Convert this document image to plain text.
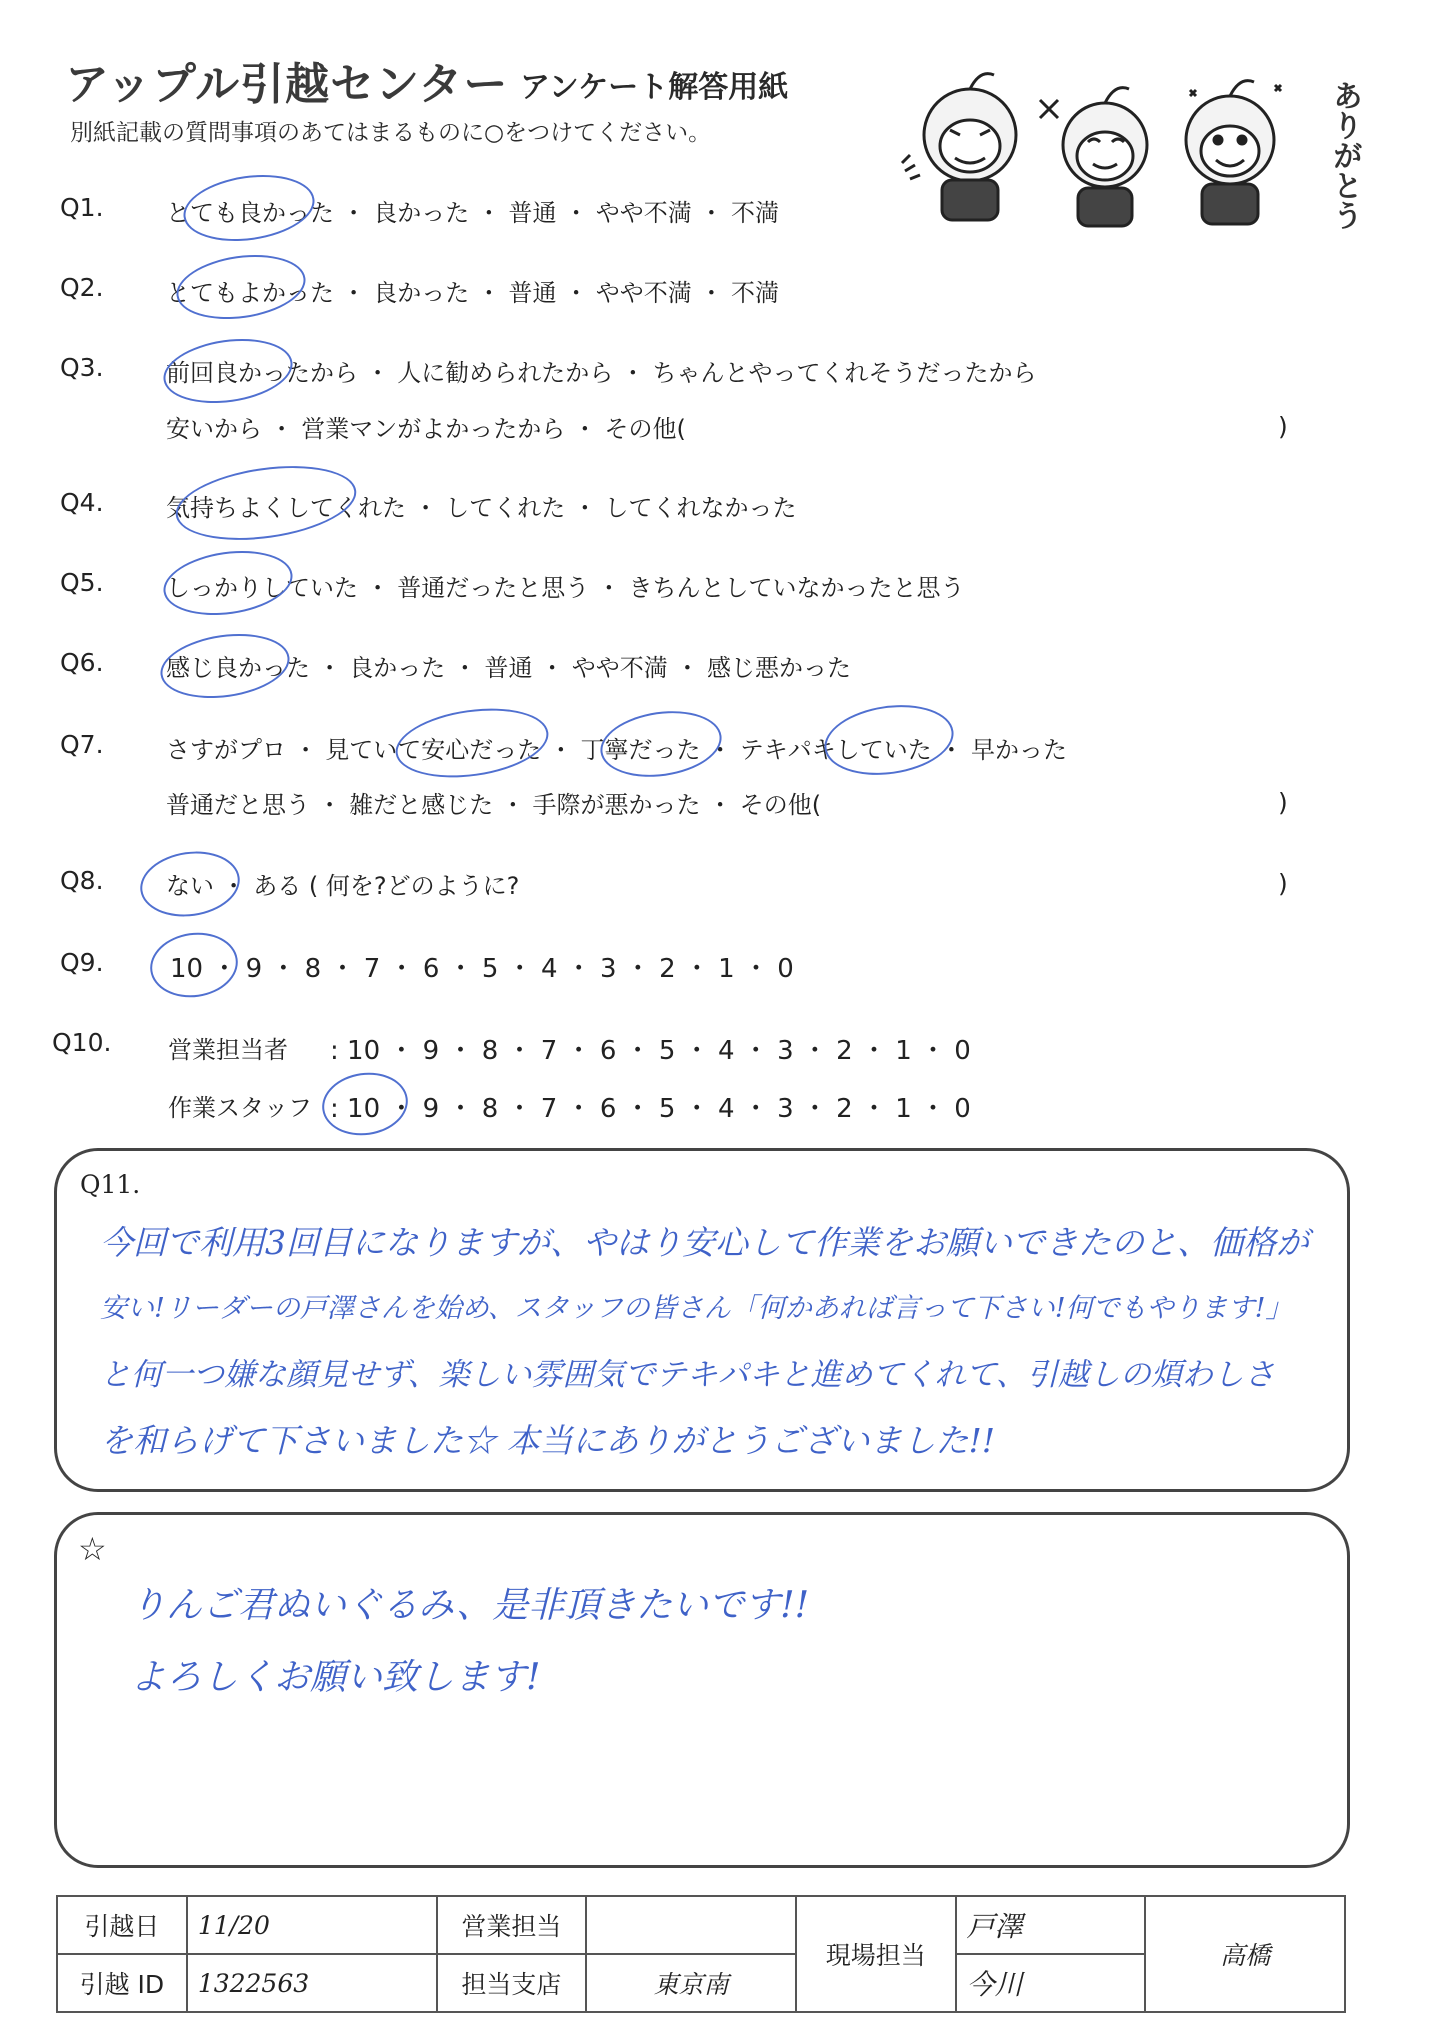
アップル引越センター アンケート解答用紙
別紙記載の質問事項のあてはまるものに○をつけてください。	ありがとう
Q1.	とても良かった ・ 良かった ・ 普通 ・ やや不満 ・ 不満
Q2.	とてもよかった ・ 良かった ・ 普通 ・ やや不満 ・ 不満
Q3.	前回良かったから ・ 人に勧められたから ・ ちゃんとやってくれそうだったから
安いから ・ 営業マンがよかったから ・ その他(	)
Q4.	気持ちよくしてくれた ・ してくれた ・ してくれなかった
Q5.	しっかりしていた ・ 普通だったと思う ・ きちんとしていなかったと思う
Q6.	感じ良かった ・ 良かった ・ 普通 ・ やや不満 ・ 感じ悪かった
Q7.	さすがプロ ・ 見ていて安心だった ・ 丁寧だった ・ テキパキしていた ・ 早かった
普通だと思う ・ 雑だと感じた ・ 手際が悪かった ・ その他(	)
Q8.	ない ・ ある ( 何を?どのように?	)
Q9.	10 ・ 9 ・ 8 ・ 7 ・ 6 ・ 5 ・ 4 ・ 3 ・ 2 ・ 1 ・ 0
Q10. 営業担当者 : 10 ・ 9 ・ 8 ・ 7 ・ 6 ・ 5 ・ 4 ・ 3 ・ 2 ・ 1 ・ 0
作業スタッフ : 10 ・ 9 ・ 8 ・ 7 ・ 6 ・ 5 ・ 4 ・ 3 ・ 2 ・ 1 ・ 0
Q11.
今回で利用3回目になりますが、やはり安心して作業をお願いできたのと、価格が
安い!リーダーの戸澤さんを始め、スタッフの皆さん「何かあれば言って下さい!何でもやります!」
と何一つ嫌な顔見せず、楽しい雰囲気でテキパキと進めてくれて、引越しの煩わしさ
を和らげて下さいました☆ 本当にありがとうございました!!
☆
りんご君ぬいぐるみ、是非頂きたいです!!
よろしくお願い致します!
引越日	11/20	営業担当		現場担当	戸澤	高橋
引越 ID	1322563	担当支店	東京南		今川	
